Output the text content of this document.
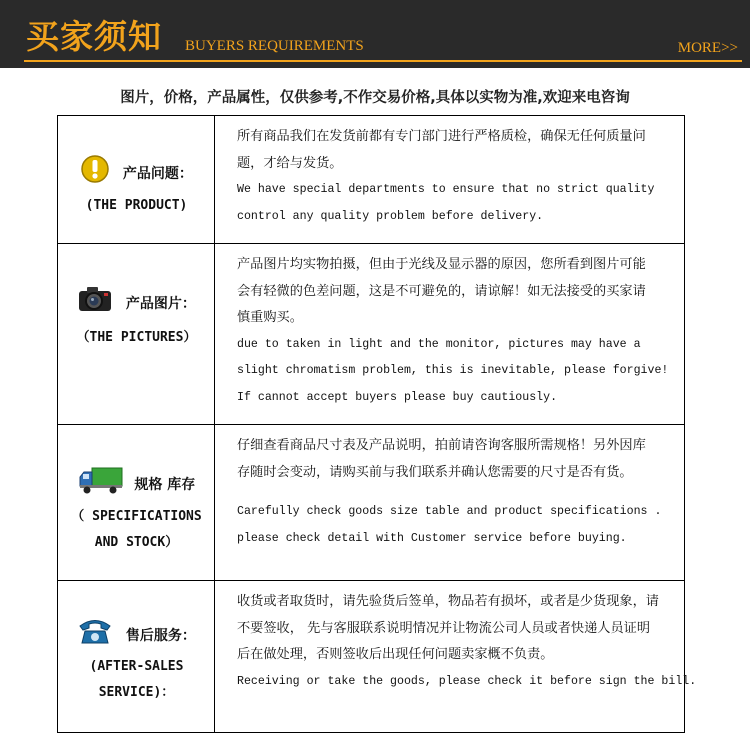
买家须知 BUYERS REQUIREMENTS	MORE>>
图片，价格，产品属性，仅供参考,不作交易价格,具体以实物为准,欢迎来电咨询
产品问题：
(THE PRODUCT)
所有商品我们在发货前都有专门部门进行严格质检，确保无任何质量问
题，才给与发货。
We have special departments to ensure that no strict quality
control any quality problem before delivery.
产品图片：
（THE PICTURES）
产品图片均实物拍摄，但由于光线及显示器的原因，您所看到图片可能
会有轻微的色差问题，这是不可避免的，请谅解！如无法接受的买家请
慎重购买。
due to taken in light and the monitor, pictures may have a
slight chromatism problem, this is inevitable, please forgive!
If cannot accept buyers please buy cautiously.
规格 库存
（ SPECIFICATIONS
AND STOCK）
仔细查看商品尺寸表及产品说明，拍前请咨询客服所需规格！另外因库
存随时会变动，请购买前与我们联系并确认您需要的尺寸是否有货。
Carefully check goods size table and product specifications .
please check detail with Customer service before buying.
售后服务：
(AFTER-SALES
SERVICE)：
收货或者取货时，请先验货后签单，物品若有损坏，或者是少货现象，请
不要签收， 先与客服联系说明情况并让物流公司人员或者快递人员证明
后在做处理，否则签收后出现任何问题卖家概不负责。
Receiving or take the goods, please check it before sign the bill.
